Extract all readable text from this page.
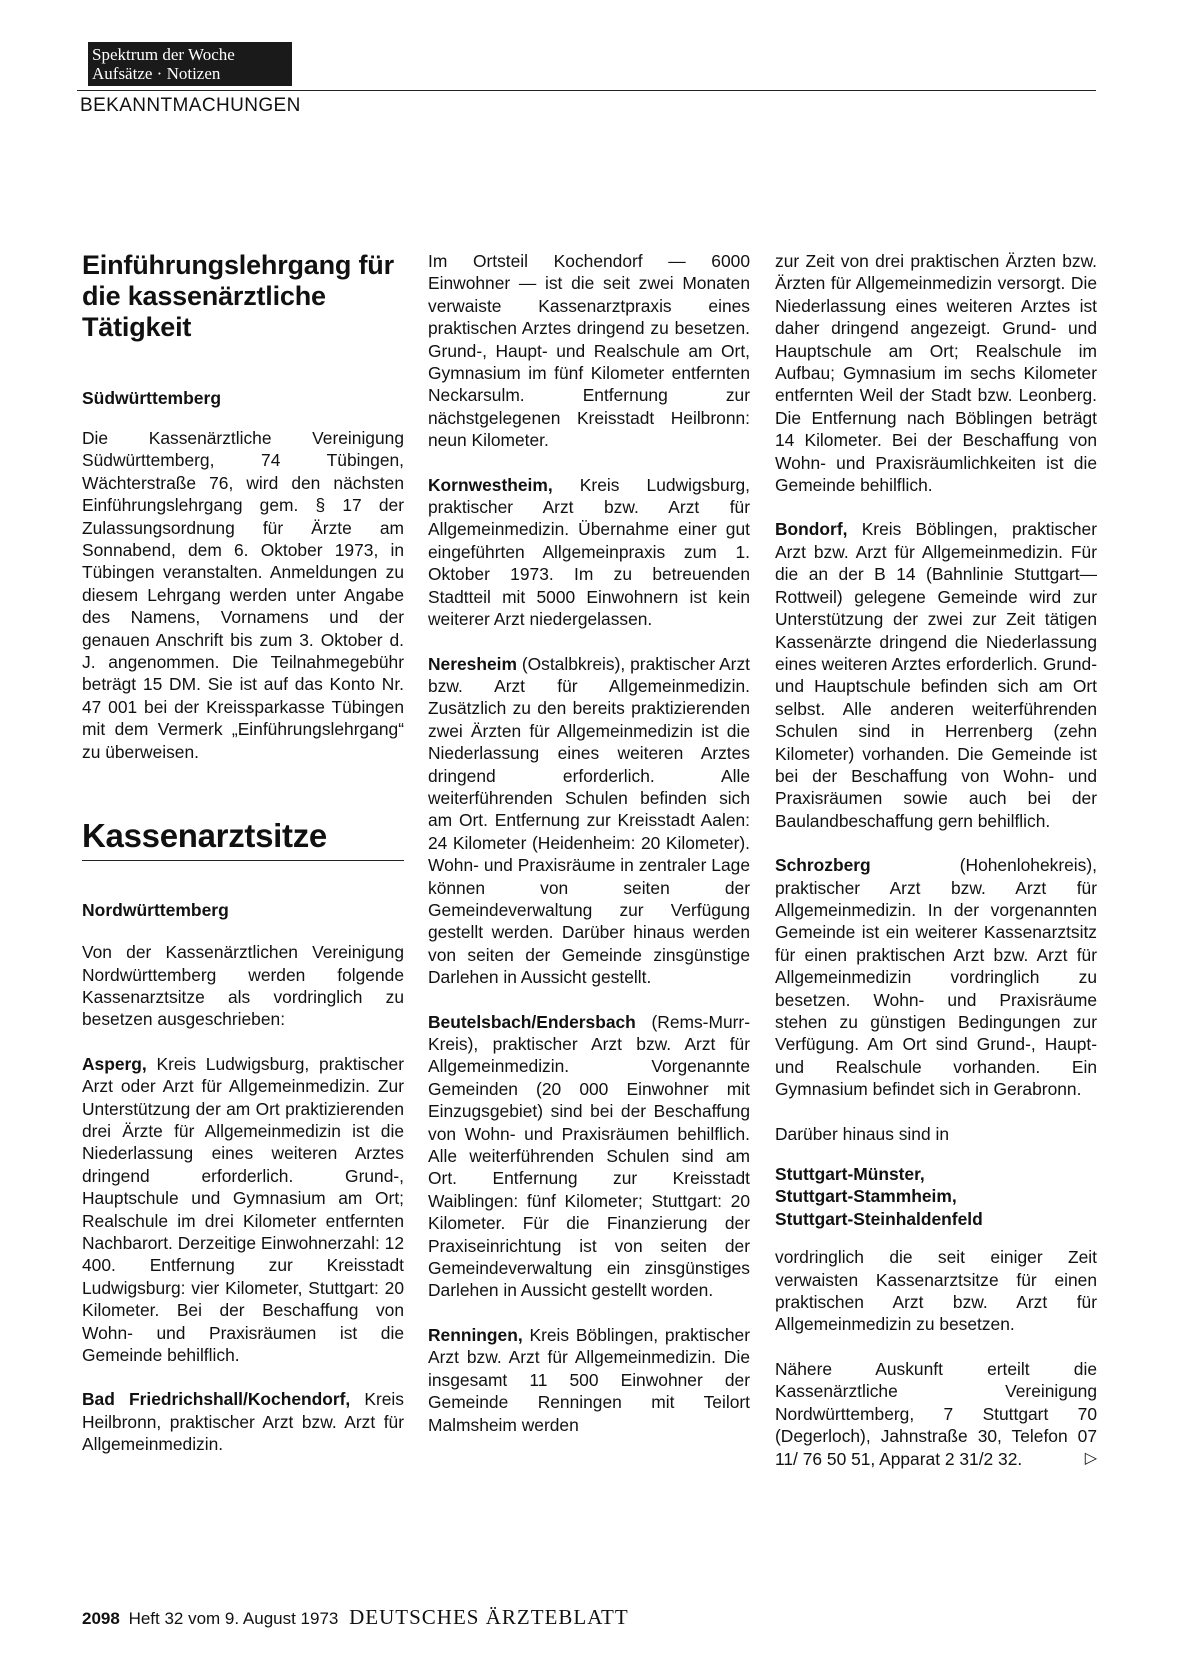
Spektrum der Woche
Aufsätze · Notizen
BEKANNTMACHUNGEN
Einführungslehrgang für die kassenärztliche Tätigkeit
Südwürttemberg

Die Kassenärztliche Vereinigung Südwürttemberg, 74 Tübingen, Wächterstraße 76, wird den nächsten Einführungslehrgang gem. § 17 der Zulassungsordnung für Ärzte am Sonnabend, dem 6. Oktober 1973, in Tübingen veranstalten. Anmeldungen zu diesem Lehrgang werden unter Angabe des Namens, Vornamens und der genauen Anschrift bis zum 3. Oktober d. J. angenommen. Die Teilnahmegebühr beträgt 15 DM. Sie ist auf das Konto Nr. 47 001 bei der Kreissparkasse Tübingen mit dem Vermerk „Einführungslehrgang“ zu überweisen.

Kassenarztsitze
Nordwürttemberg

Von der Kassenärztlichen Vereinigung Nordwürttemberg werden folgende Kassenarztsitze als vordringlich zu besetzen ausgeschrieben:

Asperg, Kreis Ludwigsburg, praktischer Arzt oder Arzt für Allgemeinmedizin. Zur Unterstützung der am Ort praktizierenden drei Ärzte für Allgemeinmedizin ist die Niederlassung eines weiteren Arztes dringend erforderlich. Grund-, Hauptschule und Gymnasium am Ort; Realschule im drei Kilometer entfernten Nachbarort. Derzeitige Einwohnerzahl: 12 400. Entfernung zur Kreisstadt Ludwigsburg: vier Kilometer, Stuttgart: 20 Kilometer. Bei der Beschaffung von Wohn- und Praxisräumen ist die Gemeinde behilflich.

Bad Friedrichshall/Kochendorf, Kreis Heilbronn, praktischer Arzt bzw. Arzt für Allgemeinmedizin.

Im Ortsteil Kochendorf — 6000 Einwohner — ist die seit zwei Monaten verwaiste Kassenarztpraxis eines praktischen Arztes dringend zu besetzen. Grund-, Haupt- und Realschule am Ort, Gymnasium im fünf Kilometer entfernten Neckarsulm. Entfernung zur nächstgelegenen Kreisstadt Heilbronn: neun Kilometer.

Kornwestheim, Kreis Ludwigsburg, praktischer Arzt bzw. Arzt für Allgemeinmedizin. Übernahme einer gut eingeführten Allgemeinpraxis zum 1. Oktober 1973. Im zu betreuenden Stadtteil mit 5000 Einwohnern ist kein weiterer Arzt niedergelassen.

Neresheim (Ostalbkreis), praktischer Arzt bzw. Arzt für Allgemeinmedizin. Zusätzlich zu den bereits praktizierenden zwei Ärzten für Allgemeinmedizin ist die Niederlassung eines weiteren Arztes dringend erforderlich. Alle weiterführenden Schulen befinden sich am Ort. Entfernung zur Kreisstadt Aalen: 24 Kilometer (Heidenheim: 20 Kilometer). Wohn- und Praxisräume in zentraler Lage können von seiten der Gemeindeverwaltung zur Verfügung gestellt werden. Darüber hinaus werden von seiten der Gemeinde zinsgünstige Darlehen in Aussicht gestellt.

Beutelsbach/Endersbach (Rems-Murr-Kreis), praktischer Arzt bzw. Arzt für Allgemeinmedizin. Vorgenannte Gemeinden (20 000 Einwohner mit Einzugsgebiet) sind bei der Beschaffung von Wohn- und Praxisräumen behilflich. Alle weiterführenden Schulen sind am Ort. Entfernung zur Kreisstadt Waiblingen: fünf Kilometer; Stuttgart: 20 Kilometer. Für die Finanzierung der Praxiseinrichtung ist von seiten der Gemeindeverwaltung ein zinsgünstiges Darlehen in Aussicht gestellt worden.

Renningen, Kreis Böblingen, praktischer Arzt bzw. Arzt für Allgemeinmedizin. Die insgesamt 11 500 Einwohner der Gemeinde Renningen mit Teilort Malmsheim werden

zur Zeit von drei praktischen Ärzten bzw. Ärzten für Allgemeinmedizin versorgt. Die Niederlassung eines weiteren Arztes ist daher dringend angezeigt. Grund- und Hauptschule am Ort; Realschule im Aufbau; Gymnasium im sechs Kilometer entfernten Weil der Stadt bzw. Leonberg. Die Entfernung nach Böblingen beträgt 14 Kilometer. Bei der Beschaffung von Wohn- und Praxisräumlichkeiten ist die Gemeinde behilflich.

Bondorf, Kreis Böblingen, praktischer Arzt bzw. Arzt für Allgemeinmedizin. Für die an der B 14 (Bahnlinie Stuttgart—Rottweil) gelegene Gemeinde wird zur Unterstützung der zwei zur Zeit tätigen Kassenärzte dringend die Niederlassung eines weiteren Arztes erforderlich. Grund- und Hauptschule befinden sich am Ort selbst. Alle anderen weiterführenden Schulen sind in Herrenberg (zehn Kilometer) vorhanden. Die Gemeinde ist bei der Beschaffung von Wohn- und Praxisräumen sowie auch bei der Baulandbeschaffung gern behilflich.

Schrozberg	(Hohenlohekreis), praktischer Arzt bzw. Arzt für Allgemeinmedizin. In der vorgenannten Gemeinde ist ein weiterer Kassenarztsitz für einen praktischen Arzt bzw. Arzt für Allgemeinmedizin vordringlich zu besetzen. Wohn- und Praxisräume stehen zu günstigen Bedingungen zur Verfügung. Am Ort sind Grund-, Haupt- und Realschule vorhanden. Ein Gymnasium befindet sich in Gerabronn.

Darüber hinaus sind in

Stuttgart-Münster,
Stuttgart-Stammheim,
Stuttgart-Steinhaldenfeld

vordringlich die seit einiger Zeit verwaisten Kassenarztsitze für einen praktischen Arzt bzw. Arzt für Allgemeinmedizin zu besetzen.

Nähere Auskunft erteilt die Kassenärztliche Vereinigung Nordwürttemberg, 7 Stuttgart 70 (Degerloch), Jahnstraße 30, Telefon 07 11/ 76 50 51, Apparat 2 31/2 32.	▷

2098 Heft 32 vom 9. August 1973 DEUTSCHES ÄRZTEBLATT
